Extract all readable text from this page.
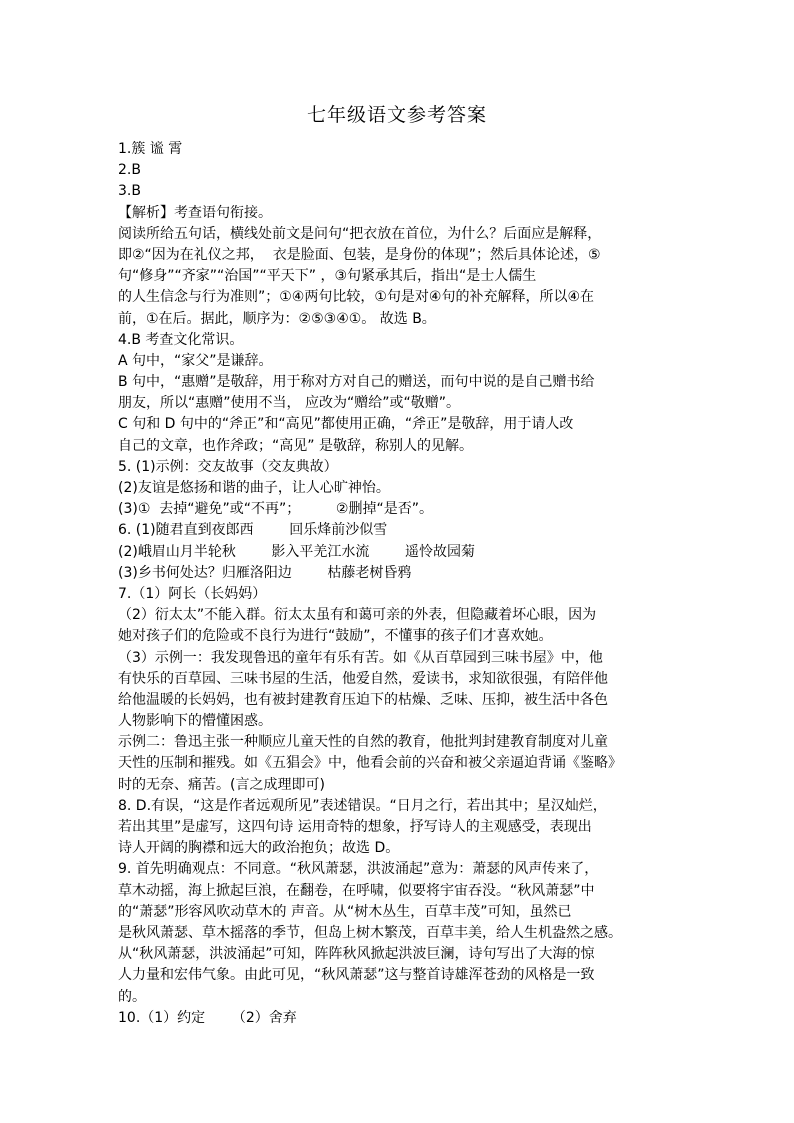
七年级语文参考答案
1.簇 谧 霄
2.B
3.B
【解析】考查语句衔接。
阅读所给五句话，横线处前文是问句“把衣放在首位，为什么？后面应是解释，
即②“因为在礼仪之邦，  衣是脸面、包装，是身份的体现”；然后具体论述，⑤
句“修身”“齐家”“治国”“平天下” ，③句紧承其后，指出“是士人儒生
的人生信念与行为准则”；①④两句比较，①句是对④句的补充解释，所以④在
前，①在后。据此，顺序为：②⑤③④①。 故选 B。
4.B 考查文化常识。
A 句中，“家父”是谦辞。
B 句中，“惠赠”是敬辞，用于称对方对自己的赠送，而句中说的是自己赠书给
朋友，所以“惠赠”使用不当， 应改为“赠给”或“敬赠”。
C 句和 D 句中的“斧正”和“高见”都使用正确，“斧正”是敬辞，用于请人改
自己的文章，也作斧政；“高见” 是敬辞，称别人的见解。
5. (1)示例：交友故事（交友典故）
(2)友谊是悠扬和谐的曲子，让人心旷神怡。
(3)①  去掉“避免”或“不再”；        ②删掉“是否”。
6. (1)随君直到夜郎西        回乐烽前沙似雪
(2)峨眉山月半轮秋        影入平羌江水流        遥怜故园菊
(3)乡书何处达？归雁洛阳边        枯藤老树昏鸦
7.（1）阿长（长妈妈）
（2）衍太太”不能入群。衍太太虽有和蔼可亲的外表，但隐藏着坏心眼，因为
她对孩子们的危险或不良行为进行“鼓励”，不懂事的孩子们才喜欢她。
（3）示例一：我发现鲁迅的童年有乐有苦。如《从百草园到三味书屋》中，他
有快乐的百草园、三味书屋的生活，他爱自然，爱读书，求知欲很强，有陪伴他
给他温暖的长妈妈，也有被封建教育压迫下的枯燥、乏味、压抑，被生活中各色
人物影响下的懵懂困惑。
示例二：鲁迅主张一种顺应儿童天性的自然的教育，他批判封建教育制度对儿童
天性的压制和摧残。如《五猖会》中，他看会前的兴奋和被父亲逼迫背诵《鉴略》
时的无奈、痛苦。(言之成理即可)
8. D.有误，“这是作者远观所见”表述错误。“日月之行，若出其中；星汉灿烂，
若出其里”是虚写，这四句诗 运用奇特的想象，抒写诗人的主观感受，表现出
诗人开阔的胸襟和远大的政治抱负；故选 D。
9. 首先明确观点：不同意。“秋风萧瑟，洪波涌起”意为：萧瑟的风声传来了，
草木动摇，海上掀起巨浪，在翻卷，在呼啸，似要将宇宙吞没。“秋风萧瑟”中
的“萧瑟”形容风吹动草木的 声音。从“树木丛生，百草丰茂”可知，虽然已
是秋风萧瑟、草木摇落的季节，但岛上树木繁茂，百草丰美，给人生机盎然之感。
从“秋风萧瑟，洪波涌起”可知，阵阵秋风掀起洪波巨澜，诗句写出了大海的惊
人力量和宏伟气象。由此可见，“秋风萧瑟”这与整首诗雄浑苍劲的风格是一致
的。
10.（1）约定      （2）舍弃
